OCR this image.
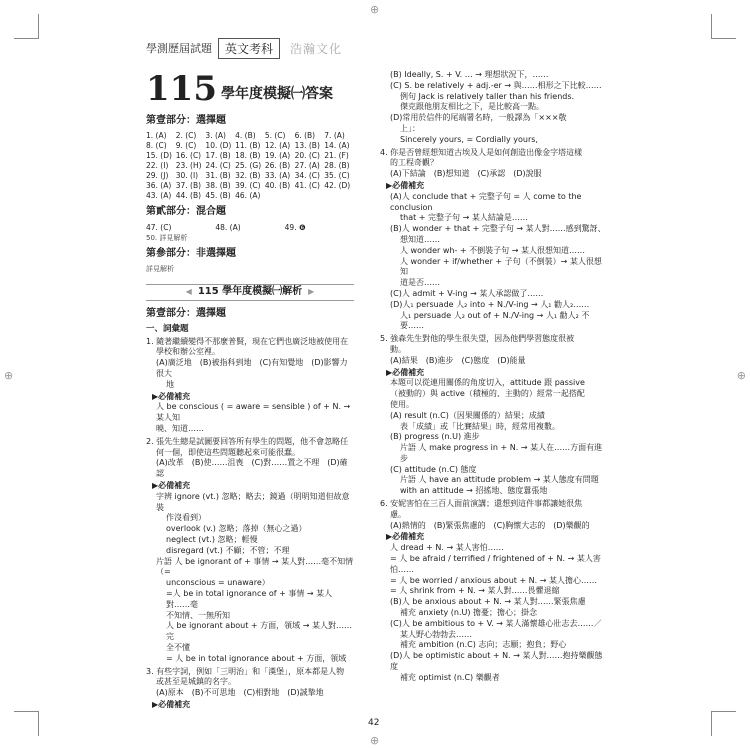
⊕
⊕
⊕	⊕
學測歷屆試題	英文考科	浩瀚文化
115 學年度模擬㈠答案
第壹部分：選擇題
1. (A)	2. (C)	3. (A)	4. (B)	5. (C)	6. (B)	7. (A)
8. (C)	9. (C)	10. (D) 11. (B) 12. (A) 13. (B) 14. (A)
15. (D) 16. (C) 17. (B) 18. (B) 19. (A) 20. (C) 21. (F)
22. (I) 23. (H) 24. (C) 25. (G) 26. (B) 27. (A) 28. (B)
29. (J) 30. (I) 31. (B) 32. (B) 33. (A) 34. (C) 35. (C)
36. (A) 37. (B) 38. (B) 39. (C) 40. (B) 41. (C) 42. (D)
43. (A) 44. (B) 45. (B) 46. (A)
第貳部分：混合題
47. (C)	48. (A)	49. ❻
50. 詳見解析
第參部分：非選擇題
詳見解析
◀ 115 學年度模擬㈠解析 ▶
第壹部分：選擇題
一、詞彙題
1. 隨著繼續變得不那麼普賢，現在它們也廣泛地被使用在
學校和辦公室裡。
(A)廣泛地　(B)被指科到地　(C)有知覺地　(D)影響力很大
地
▶必備補充
人 be conscious ( = aware = sensible ) of + N. → 某人知
曉、知道……
2. 張先生總是試圖要回答所有學生的問題，他不會忽略任
何一個，即使這些問題聽起來可能很蠢。
(A)改革　(B)使……沮喪　(C)對……置之不理　(D)確認
▶必備補充
字辨 ignore (vt.) 忽略；略去；鏡過（明明知道但故意裝
作沒看到）
overlook (v.) 忽略；落掉（無心之過）
neglect (vt.) 忽略；輕慢
disregard (vt.) 不顧；不管；不理
片語 人 be ignorant of + 事情 → 某人對……毫不知情（=
unconscious = unaware）
=人 be in total ignorance of + 事情 → 某人對……毫
不知情、一無所知
人 be ignorant about + 方面，領域 → 某人對……完
全不懂
= 人 be in total ignorance about + 方面，領域
3. 有些字詞，例如「三明治」和「漢堡」，原本都是人物
或甚至是城鎮的名字。
(A)原本　(B)不可思地　(C)相對地　(D)誠摯地
▶必備補充
(B) Ideally, S. + V. … → 理想狀況下，……
(C) S. be relatively + adj.-er → 與……相形之下比較……
例句 Jack is relatively taller than his friends.
傑克跟他朋友相比之下，是比較高一點。
(D)常用於信件的尾端署名時，一般譯為「×××敬
上」：
Sincerely yours, = Cordially yours,
4. 你是否曾經想知道古埃及人是如何創造出像金字塔這樣
的工程奇觀？
(A)下結論　(B)想知道　(C)承認　(D)說服
▶必備補充
(A)人 conclude that + 完整子句 = 人 come to the conclusion
that + 完整子句 → 某人結論是……
(B)人 wonder + that + 完整子句 → 某人對……感到驚訝、
想知道……
人 wonder wh- + 不倒裝子句 → 某人很想知道……
人 wonder + if/whether + 子句（不倒裝）→ 某人很想知
道是否……
(C)人 admit + V-ing → 某人承認做了……
(D)人₁ persuade 人₂ into + N./V-ing → 人₁ 勸人₂……
人₁ persuade 人₂ out of + N./V-ing → 人₁ 勸人₂ 不要……
5. 強森先生對他的學生很失望，因為他們學習態度很被
動。
(A)結果　(B)進步　(C)態度　(D)能量
▶必備補充
本題可以從連用關係的角度切入，attitude 跟 passive
（被動的）與 active（積極的、主動的）經常一起搭配
使用。
(A) result (n.C)（因果關係的）結果；成績
表「成績」或「比賽結果」時，經常用複數。
(B) progress (n.U) 進步
片語 人 make progress in + N. → 某人在……方面有進步
(C) attitude (n.C) 態度
片語 人 have an attitude problem → 某人態度有問題
with an attitude → 招搖地、態度囂張地
6. 安妮害怕在三百人面前演講；還想到這件事都讓她很焦
慮。
(A)熱情的　(B)緊張焦慮的　(C)胸懷大志的　(D)樂觀的
▶必備補充
人 dread + N. → 某人害怕……
= 人 be afraid / terrified / frightened of + N. → 某人害怕……
= 人 be worried / anxious about + N. → 某人擔心……
= 人 shrink from + N. → 某人對……畏懼退縮
(B)人 be anxious about + N. → 某人對……緊張焦慮
補充 anxiety (n.U) 擔憂；擔心；掛念
(C)人 be ambitious to + V. → 某人滿懷雄心壯志去……／
某人野心勃勃去……
補充 ambition (n.C) 志向；志願；抱負；野心
(D)人 be optimistic about + N. → 某人對……抱持樂觀態度
補充 optimist (n.C) 樂觀者
42
